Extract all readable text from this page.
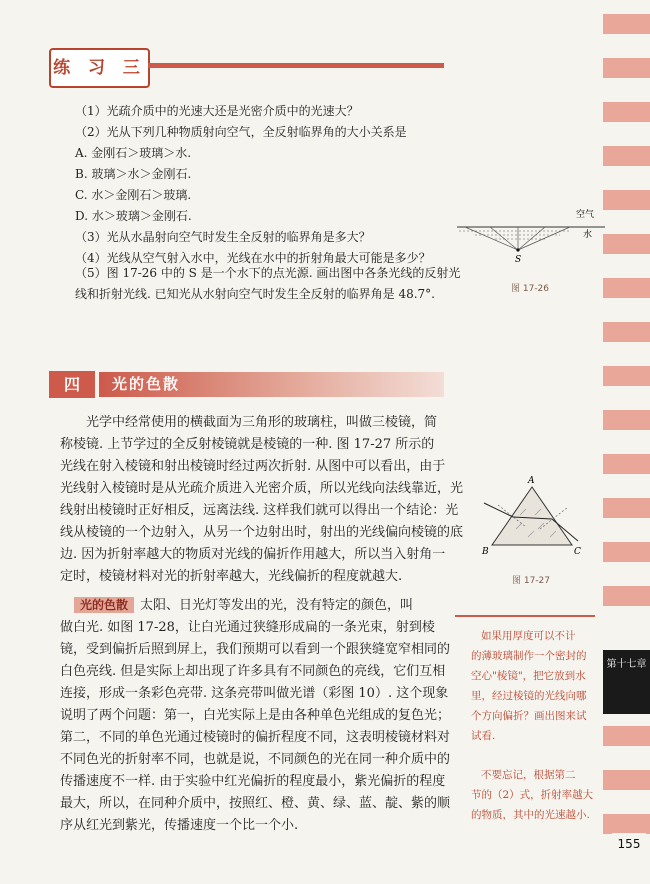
第十七章
155
练 习 三
（1）光疏介质中的光速大还是光密介质中的光速大？
（2）光从下列几种物质射向空气，全反射临界角的大小关系是
A. 金刚石＞玻璃＞水.
B. 玻璃＞水＞金刚石.
C. 水＞金刚石＞玻璃.
D. 水＞玻璃＞金刚石.
（3）光从水晶射向空气时发生全反射的临界角是多大？
（4）光线从空气射入水中，光线在水中的折射角最大可能是多少？
（5）图 17-26 中的 S 是一个水下的点光源. 画出图中各条光线的反射光
线和折射光线. 已知光从水射向空气时发生全反射的临界角是 48.7°.
空气
水
S
图 17-26
四	光的色散
光学中经常使用的横截面为三角形的玻璃柱，叫做三棱镜，简
称棱镜. 上节学过的全反射棱镜就是棱镜的一种. 图 17-27 所示的
光线在射入棱镜和射出棱镜时经过两次折射. 从图中可以看出，由于
光线射入棱镜时是从光疏介质进入光密介质，所以光线向法线靠近，光
线射出棱镜时正好相反，远离法线. 这样我们就可以得出一个结论：光
线从棱镜的一个边射入，从另一个边射出时，射出的光线偏向棱镜的底
边. 因为折射率越大的物质对光线的偏折作用越大，所以当入射角一
定时，棱镜材料对光的折射率越大，光线偏折的程度就越大.
A
B	C
图 17-27
光的色散 太阳、日光灯等发出的光，没有特定的颜色，叫
做白光. 如图 17-28，让白光通过狭缝形成扁的一条光束，射到棱
镜，受到偏折后照到屏上，我们预期可以看到一个跟狭缝宽窄相同的
白色亮线. 但是实际上却出现了许多具有不同颜色的亮线，它们互相
连接，形成一条彩色亮带. 这条亮带叫做光谱（彩图 10）. 这个现象
说明了两个问题：第一，白光实际上是由各种单色光组成的复色光；
第二，不同的单色光通过棱镜时的偏折程度不同，这表明棱镜材料对
不同色光的折射率不同，也就是说，不同颜色的光在同一种介质中的
传播速度不一样. 由于实验中红光偏折的程度最小，紫光偏折的程度
最大，所以，在同种介质中，按照红、橙、黄、绿、蓝、靛、紫的顺
序从红光到紫光，传播速度一个比一个小.
如果用厚度可以不计
的薄玻璃制作一个密封的
空心"棱镜"，把它放到水
里，经过棱镜的光线向哪
个方向偏折？画出图来试
试看.
不要忘记，根据第二
节的（2）式，折射率越大
的物质，其中的光速越小.
